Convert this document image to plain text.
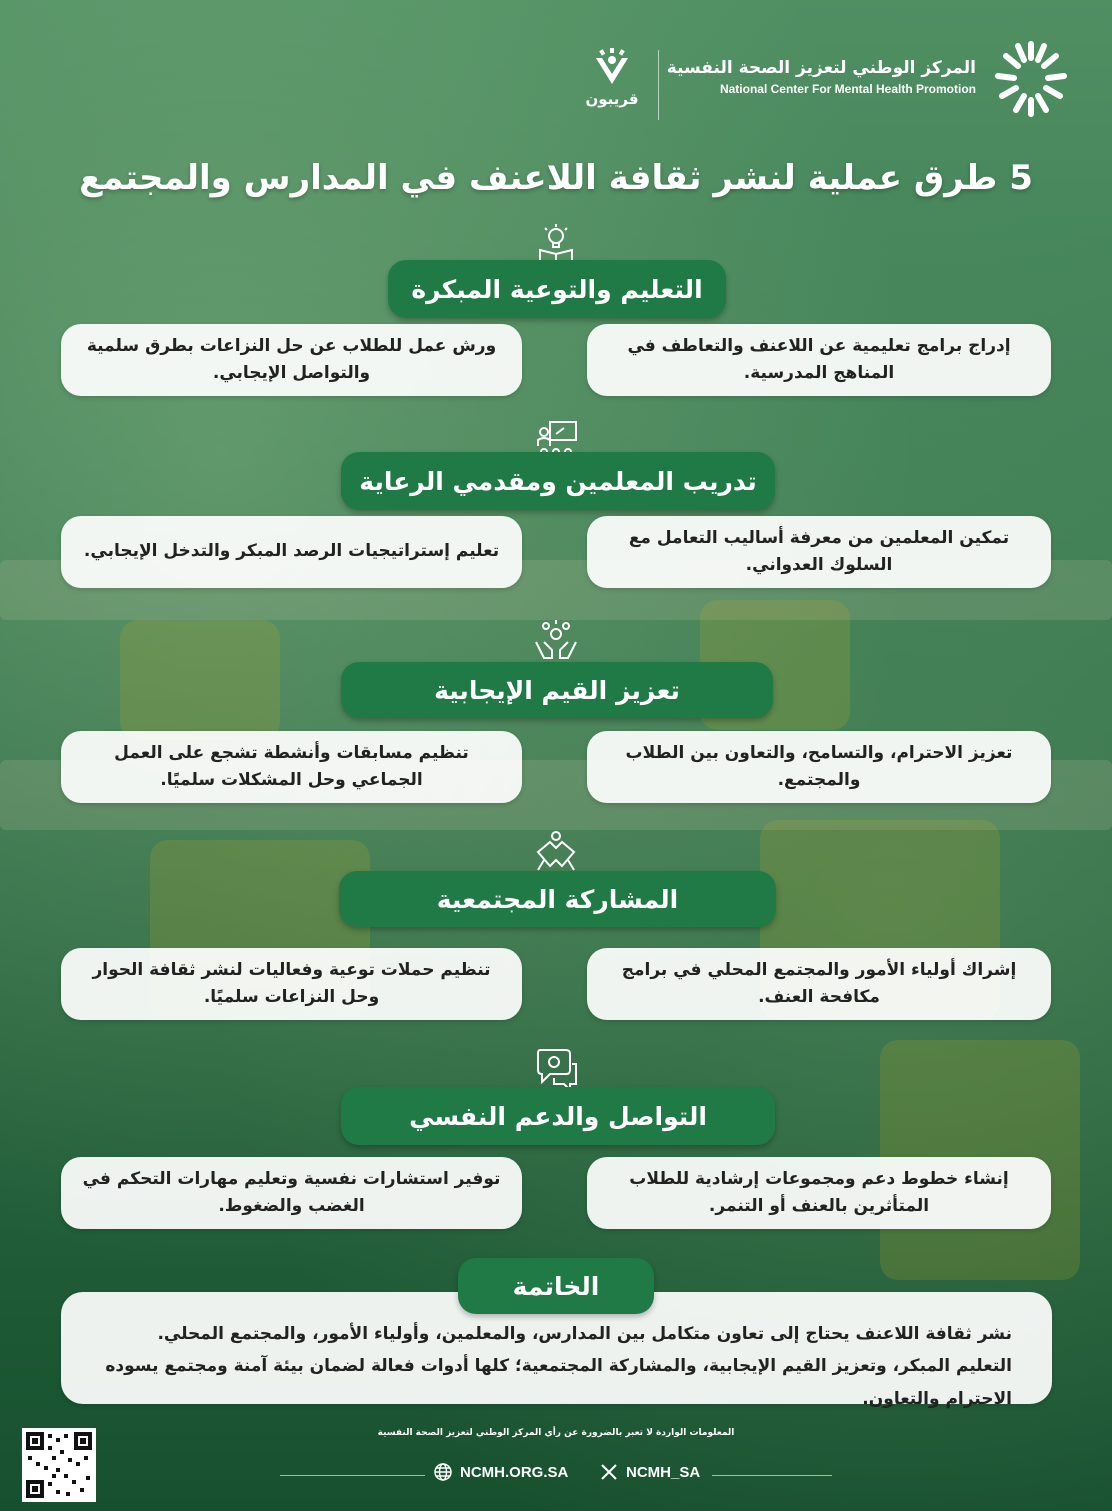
المركز الوطني لتعزيز الصحة النفسية
National Center For Mental Health Promotion
قريبون
5 طرق عملية لنشر ثقافة اللاعنف في المدارس والمجتمع
التعليم والتوعية المبكرة
إدراج برامج تعليمية عن اللاعنف والتعاطف في المناهج المدرسية.
ورش عمل للطلاب عن حل النزاعات بطرق سلمية والتواصل الإيجابي.
تدريب المعلمين ومقدمي الرعاية
تمكين المعلمين من معرفة أساليب التعامل مع السلوك العدواني.
تعليم إستراتيجيات الرصد المبكر والتدخل الإيجابي.
تعزيز القيم الإيجابية
تعزيز الاحترام، والتسامح، والتعاون بين الطلاب والمجتمع.
تنظيم مسابقات وأنشطة تشجع على العمل الجماعي وحل المشكلات سلميًا.
المشاركة المجتمعية
إشراك أولياء الأمور والمجتمع المحلي في برامج مكافحة العنف.
تنظيم حملات توعية وفعاليات لنشر ثقافة الحوار وحل النزاعات سلميًا.
التواصل والدعم النفسي
إنشاء خطوط دعم ومجموعات إرشادية للطلاب المتأثرين بالعنف أو التنمر.
توفير استشارات نفسية وتعليم مهارات التحكم في الغضب والضغوط.
الخاتمة
نشر ثقافة اللاعنف يحتاج إلى تعاون متكامل بين المدارس، والمعلمين، وأولياء الأمور، والمجتمع المحلي. التعليم المبكر، وتعزيز القيم الإيجابية، والمشاركة المجتمعية؛ كلها أدوات فعالة لضمان بيئة آمنة ومجتمع يسوده الاحترام والتعاون.
المعلومات الواردة لا تعبر بالضرورة عن رأي المركز الوطني لتعزيز الصحة النفسية
NCMH.ORG.SA	NCMH_SA
